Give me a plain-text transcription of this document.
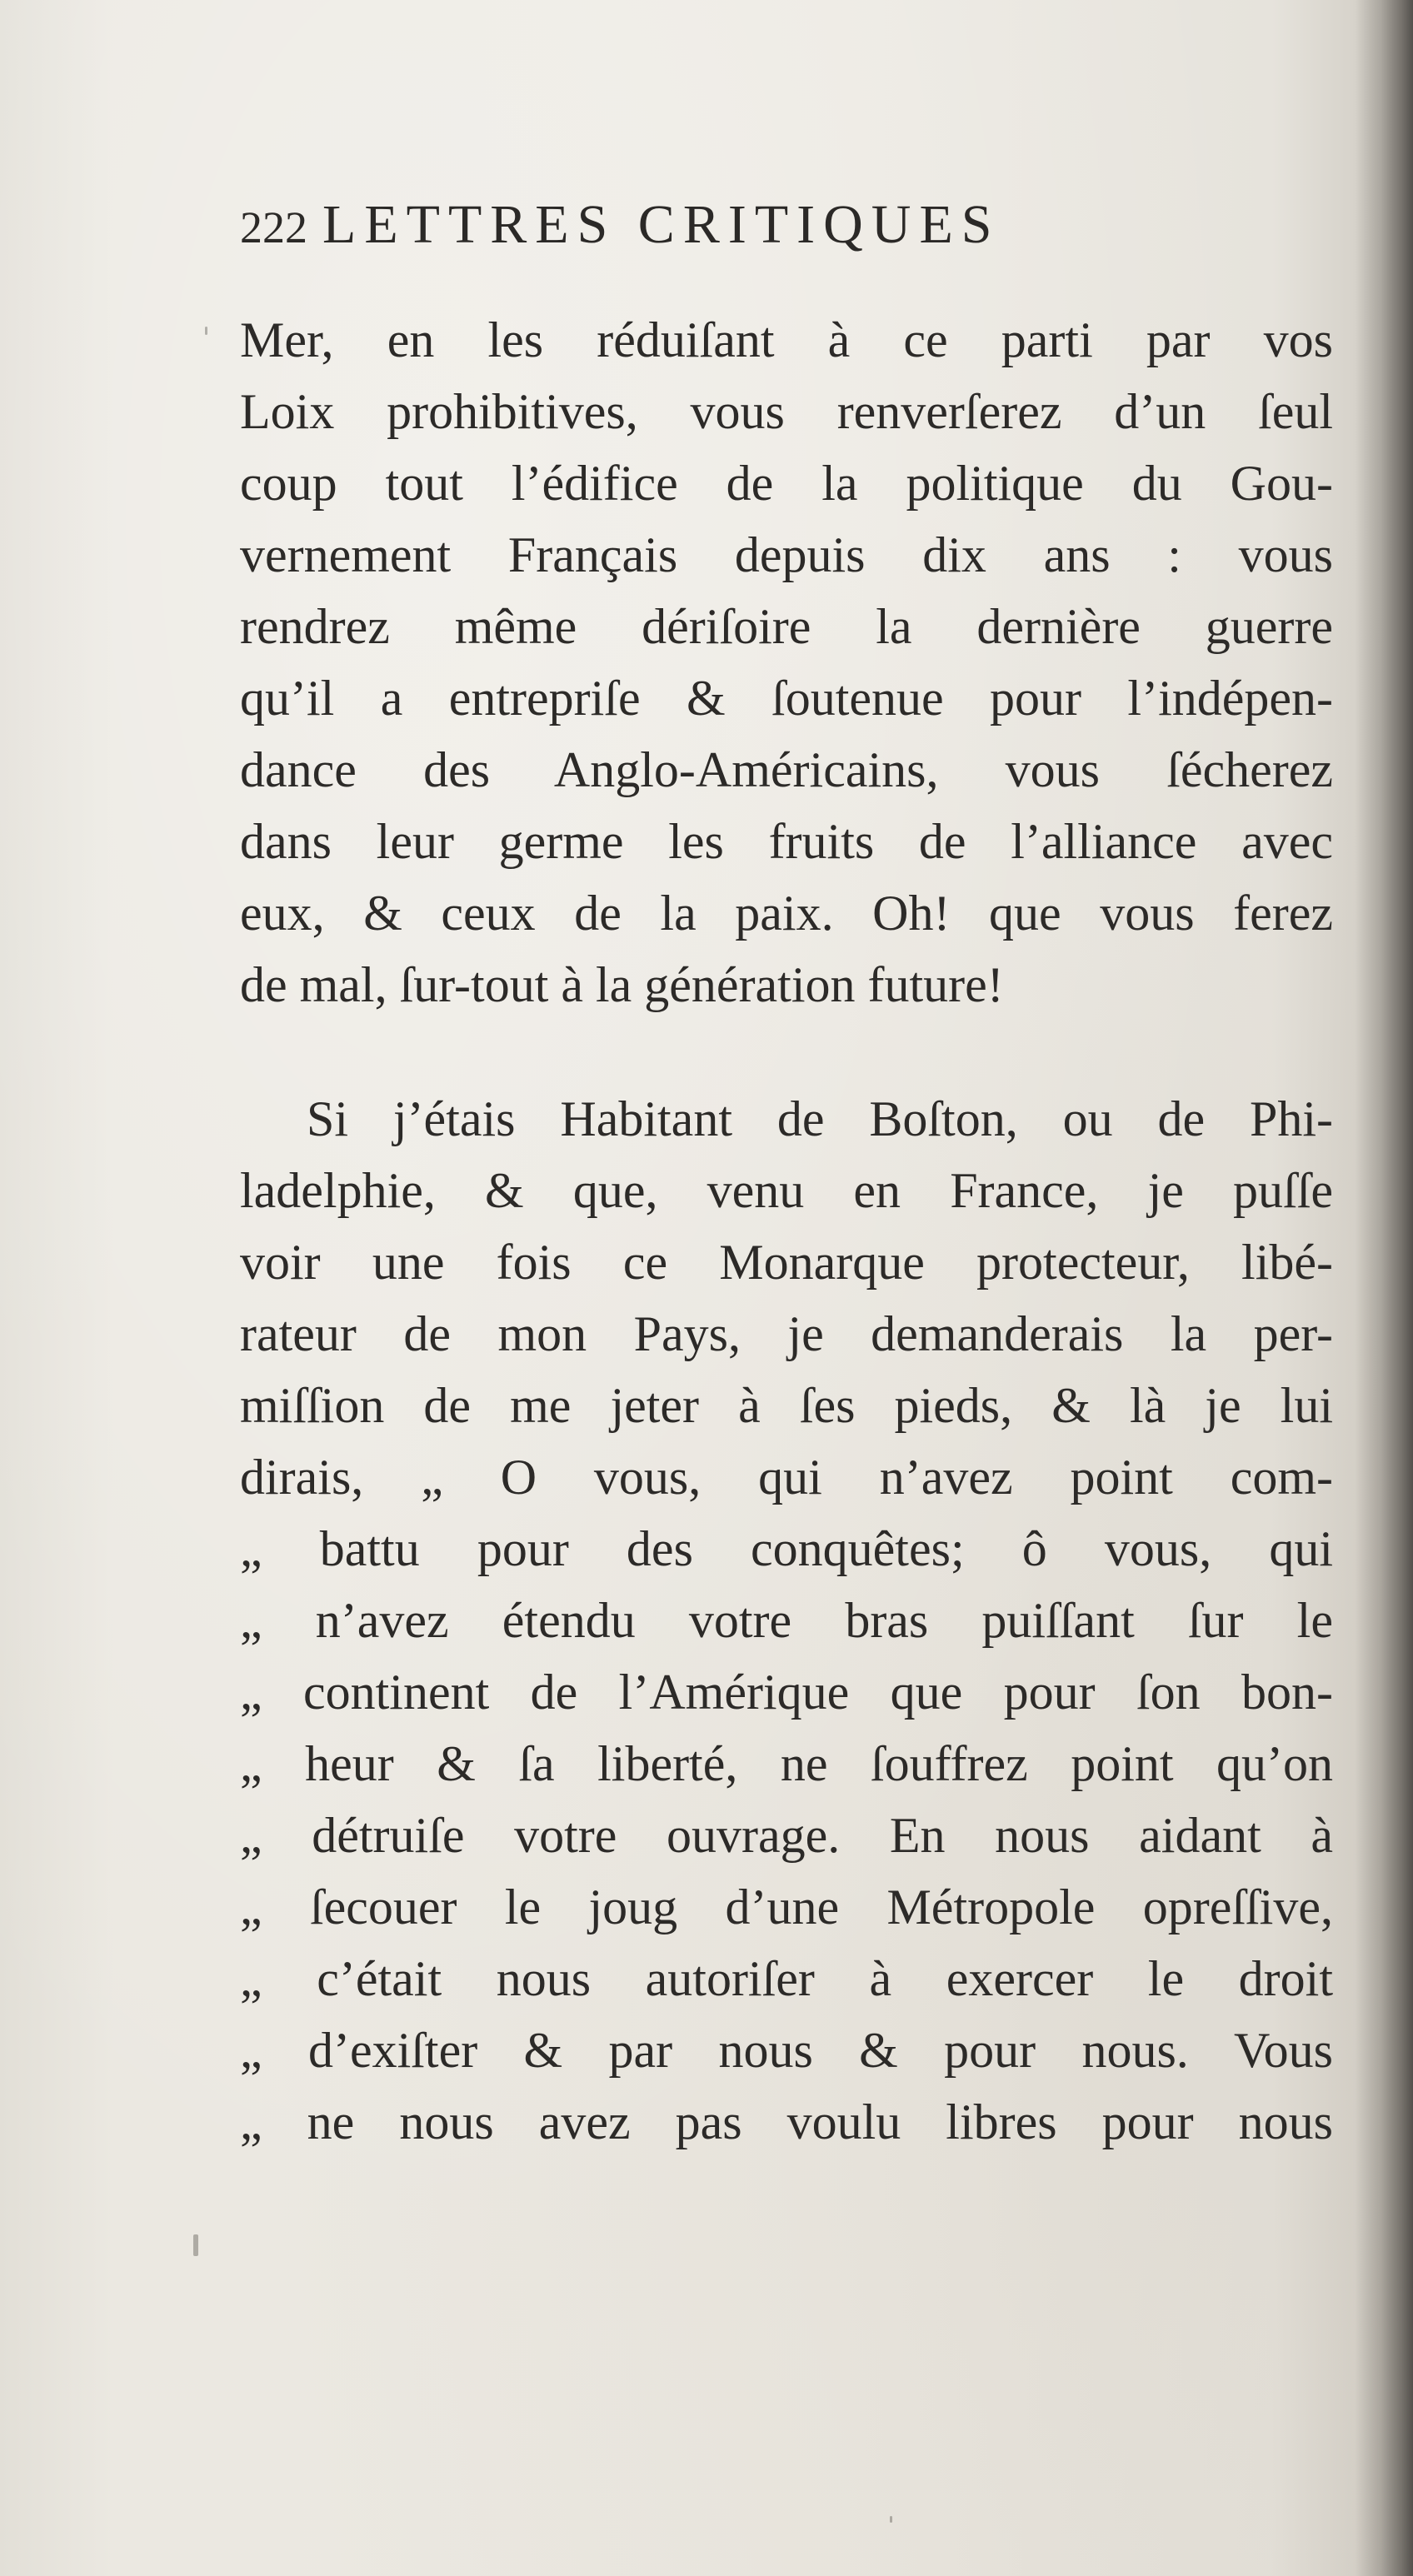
222 LETTRES CRITIQUES
Mer, en les réduiſant à ce parti par vos
Loix prohibitives, vous renverſerez d’un ſeul
coup tout l’édifice de la politique du Gou-
vernement Français depuis dix ans : vous
rendrez même dériſoire la dernière guerre
qu’il a entrepriſe & ſoutenue pour l’indépen-
dance des Anglo-Américains, vous ſécherez
dans leur germe les fruits de l’alliance avec
eux, & ceux de la paix. Oh! que vous ferez
de mal, ſur-tout à la génération future!
Si j’étais Habitant de Boſton, ou de Phi-
ladelphie, & que, venu en France, je puſſe
voir une fois ce Monarque protecteur, libé-
rateur de mon Pays, je demanderais la per-
miſſion de me jeter à ſes pieds, & là je lui
dirais, „ O vous, qui n’avez point com-
„ battu pour des conquêtes; ô vous, qui
„ n’avez étendu votre bras puiſſant ſur le
„ continent de l’Amérique que pour ſon bon-
„ heur & ſa liberté, ne ſouffrez point qu’on
„ détruiſe votre ouvrage. En nous aidant à
„ ſecouer le joug d’une Métropole opreſſive,
„ c’était nous autoriſer à exercer le droit
„ d’exiſter & par nous & pour nous. Vous
„ ne nous avez pas voulu libres pour nous
